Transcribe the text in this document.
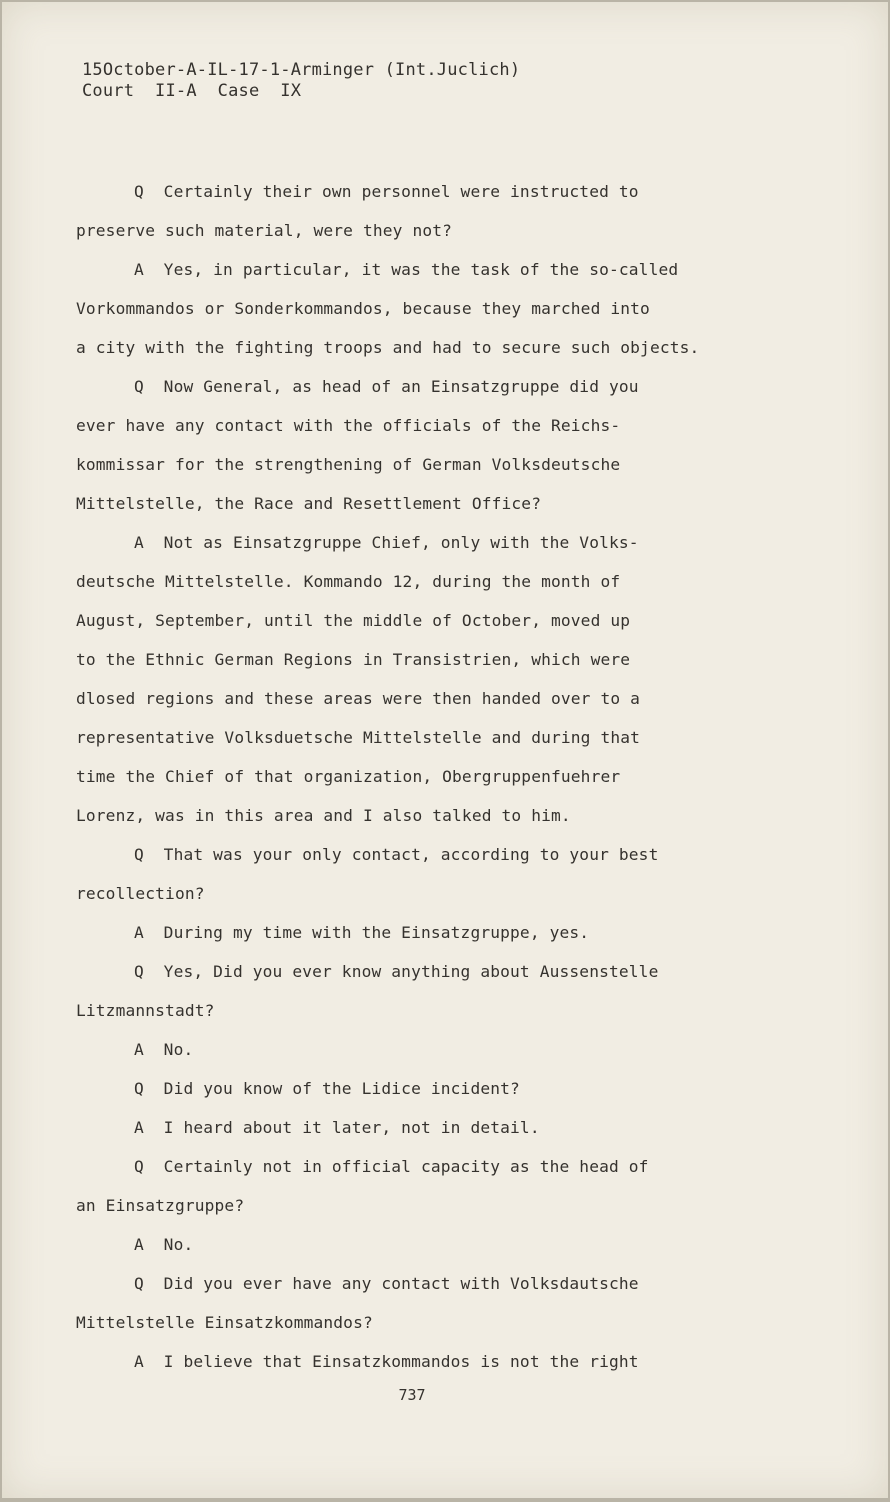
15October-A-IL-17-1-Arminger (Int.Juclich)
Court  II-A  Case  IX
Q  Certainly their own personnel were instructed to
preserve such material, were they not?
A  Yes, in particular, it was the task of the so-called
Vorkommandos or Sonderkommandos, because they marched into
a city with the fighting troops and had to secure such objects.
Q  Now General, as head of an Einsatzgruppe did you
ever have any contact with the officials of the Reichs-
kommissar for the strengthening of German Volksdeutsche
Mittelstelle, the Race and Resettlement Office?
A  Not as Einsatzgruppe Chief, only with the Volks-
deutsche Mittelstelle. Kommando 12, during the month of
August, September, until the middle of October, moved up
to the Ethnic German Regions in Transistrien, which were
dlosed regions and these areas were then handed over to a
representative Volksduetsche Mittelstelle and during that
time the Chief of that organization, Obergruppenfuehrer
Lorenz, was in this area and I also talked to him.
Q  That was your only contact, according to your best
recollection?
A  During my time with the Einsatzgruppe, yes.
Q  Yes, Did you ever know anything about Aussenstelle
Litzmannstadt?
A  No.
Q  Did you know of the Lidice incident?
A  I heard about it later, not in detail.
Q  Certainly not in official capacity as the head of
an Einsatzgruppe?
A  No.
Q  Did you ever have any contact with Volksdautsche
Mittelstelle Einsatzkommandos?
A  I believe that Einsatzkommandos is not the right
737
